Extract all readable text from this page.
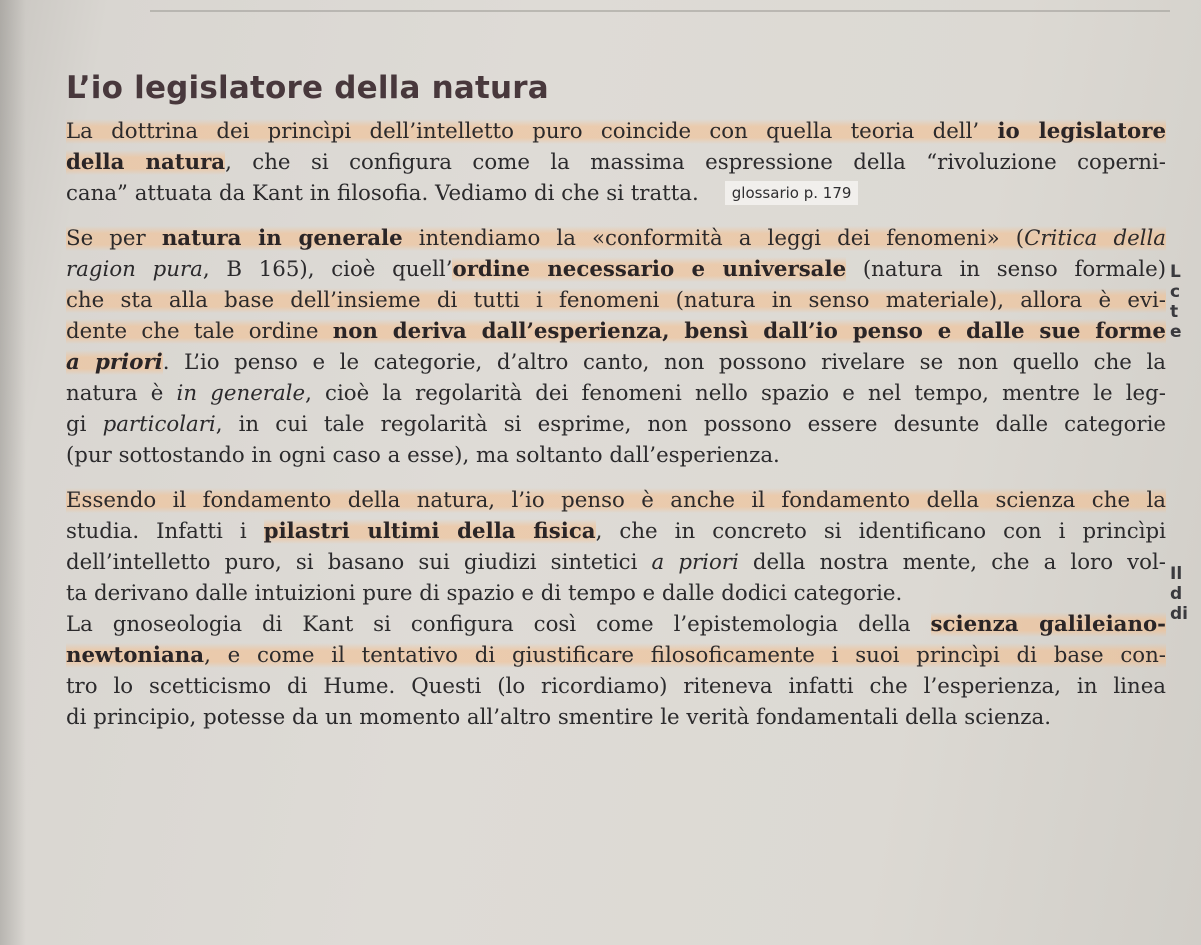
L’io legislatore della natura
La dottrina dei princìpi dell’intelletto puro coincide con quella teoria dell’ io legislatore
della natura, che si configura come la massima espressione della “rivoluzione coperni-
cana” attuata da Kant in filosofia. Vediamo di che si tratta. glossario p. 179
Se per natura in generale intendiamo la «conformità a leggi dei fenomeni» (Critica della
ragion pura, B 165), cioè quell’ordine necessario e universale (natura in senso formale)
che sta alla base dell’insieme di tutti i fenomeni (natura in senso materiale), allora è evi-
dente che tale ordine non deriva dall’esperienza, bensì dall’io penso e dalle sue forme
a priori. L’io penso e le categorie, d’altro canto, non possono rivelare se non quello che la
natura è in generale, cioè la regolarità dei fenomeni nello spazio e nel tempo, mentre le leg-
gi particolari, in cui tale regolarità si esprime, non possono essere desunte dalle categorie
(pur sottostando in ogni caso a esse), ma soltanto dall’esperienza.
Essendo il fondamento della natura, l’io penso è anche il fondamento della scienza che la
studia. Infatti i pilastri ultimi della fisica, che in concreto si identificano con i princìpi
dell’intelletto puro, si basano sui giudizi sintetici a priori della nostra mente, che a loro vol-
ta derivano dalle intuizioni pure di spazio e di tempo e dalle dodici categorie.
La gnoseologia di Kant si configura così come l’epistemologia della scienza galileiano-
newtoniana, e come il tentativo di giustificare filosoficamente i suoi princìpi di base con-
tro lo scetticismo di Hume. Questi (lo ricordiamo) riteneva infatti che l’esperienza, in linea
di principio, potesse da un momento all’altro smentire le verità fondamentali della scienza.
L
c
t
e
Il
d
di
